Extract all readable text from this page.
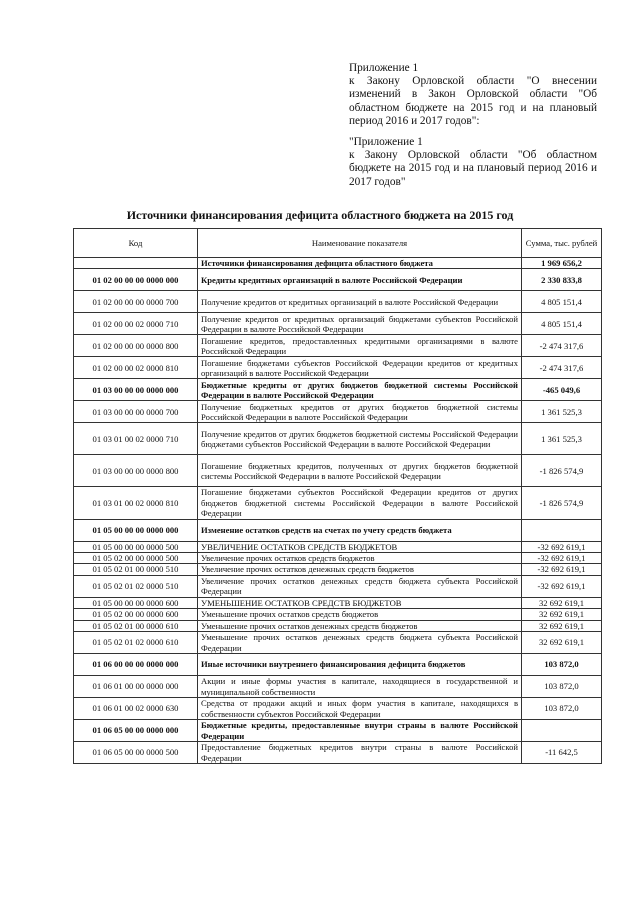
Приложение 1
к Закону Орловской области "О внесении изменений в Закон Орловской области "Об областном бюджете на 2015 год и на плановый период 2016 и 2017 годов":

"Приложение 1
к Закону Орловской области "Об областном бюджете на 2015 год и на плановый период 2016 и 2017 годов"

Источники финансирования дефицита областного бюджета на 2015 год
Код	Наименование показателя	Сумма, тыс. рублей
	Источники финансирования дефицита областного бюджета	1 969 656,2
01 02 00 00 00 0000 000	Кредиты кредитных организаций в валюте Российской Федерации	2 330 833,8
01 02 00 00 00 0000 700	Получение кредитов от кредитных организаций в валюте Российской Федерации	4 805 151,4
01 02 00 00 02 0000 710	Получение кредитов от кредитных организаций бюджетами субъектов Российской Федерации в валюте Российской Федерации	4 805 151,4
01 02 00 00 00 0000 800	Погашение кредитов, предоставленных кредитными организациями в валюте Российской Федерации	-2 474 317,6
01 02 00 00 02 0000 810	Погашение бюджетами субъектов Российской Федерации кредитов от кредитных организаций в валюте Российской Федерации	-2 474 317,6
01 03 00 00 00 0000 000	Бюджетные кредиты от других бюджетов бюджетной системы Российской Федерации в валюте Российской Федерации	-465 049,6
01 03 00 00 00 0000 700	Получение бюджетных кредитов от других бюджетов бюджетной системы Российской Федерации в валюте Российской Федерации	1 361 525,3
01 03 01 00 02 0000 710	Получение кредитов от других бюджетов бюджетной системы Российской Федерации бюджетами субъектов Российской Федерации в валюте Российской Федерации	1 361 525,3
01 03 00 00 00 0000 800	Погашение бюджетных кредитов, полученных от других бюджетов бюджетной системы Российской Федерации в валюте Российской Федерации	-1 826 574,9
01 03 01 00 02 0000 810	Погашение бюджетами субъектов Российской Федерации кредитов от других бюджетов бюджетной системы Российской Федерации в валюте Российской Федерации	-1 826 574,9
01 05 00 00 00 0000 000	Изменение остатков средств на счетах по учету средств бюджета	
01 05 00 00 00 0000 500	УВЕЛИЧЕНИЕ ОСТАТКОВ СРЕДСТВ БЮДЖЕТОВ	-32 692 619,1
01 05 02 00 00 0000 500	Увеличение прочих остатков средств бюджетов	-32 692 619,1
01 05 02 01 00 0000 510	Увеличение прочих остатков денежных средств бюджетов	-32 692 619,1
01 05 02 01 02 0000 510	Увеличение прочих остатков денежных средств бюджета субъекта Российской Федерации	-32 692 619,1
01 05 00 00 00 0000 600	УМЕНЬШЕНИЕ ОСТАТКОВ СРЕДСТВ БЮДЖЕТОВ	32 692 619,1
01 05 02 00 00 0000 600	Уменьшение прочих остатков средств бюджетов	32 692 619,1
01 05 02 01 00 0000 610	Уменьшение прочих остатков денежных средств бюджетов	32 692 619,1
01 05 02 01 02 0000 610	Уменьшение прочих остатков денежных средств бюджета субъекта Российской Федерации	32 692 619,1
01 06 00 00 00 0000 000	Иные источники внутреннего финансирования дефицита бюджетов	103 872,0
01 06 01 00 00 0000 000	Акции и иные формы участия в капитале, находящиеся в государственной и муниципальной собственности	103 872,0
01 06 01 00 02 0000 630	Средства от продажи акций и иных форм участия в капитале, находящихся в собственности субъектов Российской Федерации	103 872,0
01 06 05 00 00 0000 000	Бюджетные кредиты, предоставленные внутри страны в валюте Российской Федерации	
01 06 05 00 00 0000 500	Предоставление бюджетных кредитов внутри страны в валюте Российской Федерации	-11 642,5
